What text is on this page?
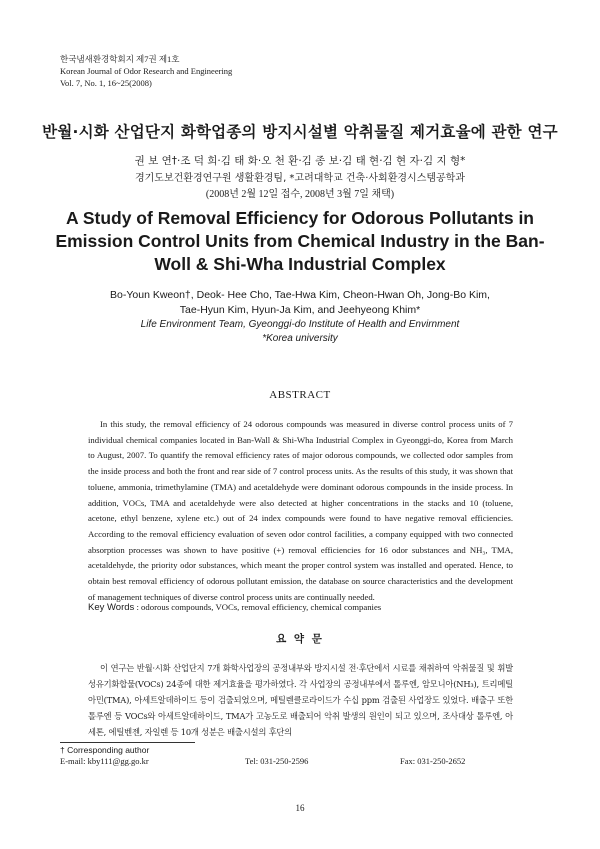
한국냄새환경학회지 제7권 제1호
Korean Journal of Odor Research and Engineering
Vol. 7, No. 1, 16~25(2008)
반월·시화 산업단지 화학업종의 방지시설별 악취물질 제거효율에 관한 연구
권 보 연†·조 덕 희·김 태 화·오 천 환·김 종 보·김 태 현·김 현 자·김 지 형*
경기도보건환경연구원 생활환경팀, *고려대학교 건축·사회환경시스템공학과
(2008년 2월 12일 접수, 2008년 3월 7일 채택)
A Study of Removal Efficiency for Odorous Pollutants in Emission Control Units from Chemical Industry in the Ban-Woll & Shi-Wha Industrial Complex
Bo-Youn Kweon†, Deok- Hee Cho, Tae-Hwa Kim, Cheon-Hwan Oh, Jong-Bo Kim,
Tae-Hyun Kim, Hyun-Ja Kim, and Jeehyeong Khim*
Life Environment Team, Gyeonggi-do Institute of Health and Envirnment
*Korea university
ABSTRACT

In this study, the removal efficiency of 24 odorous compounds was measured in diverse control process units of 7 individual chemical companies located in Ban-Wall & Shi-Wha Industrial Complex in Gyeonggi-do, Korea from March to August, 2007. To quantify the removal efficiency rates of major odorous compounds, we collected odor samples from the inside process and both the front and rear side of 7 control process units. As the results of this study, it was shown that toluene, ammonia, trimethylamine (TMA) and acetaldehyde were dominant odorous compounds in the inside process. In addition, VOCs, TMA and acetaldehyde were also detected at higher concentrations in the stacks and 10 (toluene, acetone, ethyl benzene, xylene etc.) out of 24 index compounds were found to have negative removal efficiencies. According to the removal efficiency evaluation of seven odor control facilities, a company equipped with two connected absorption processes was shown to have positive (+) removal efficiencies for 16 odor substances and NH₃, TMA, acetaldehyde, the priority odor substances, which meant the proper control system was installed and operated. Hence, to obtain best removal efficiency of odorous pollutant emission, the database on source characteristics and the development of management techniques of diverse control process units are continually needed.

Key Words : odorous compounds, VOCs, removal efficiency, chemical companies
요 약 문

이 연구는 반월·시화 산업단지 7개 화학사업장의 공정내부와 방지시설 전·후단에서 시료를 채취하여 악취물질 및 휘발성유기화합물(VOCs) 24종에 대한 제거효율을 평가하였다. 각 사업장의 공정내부에서 톨루엔, 암모니아(NH₃), 트리메틸아민(TMA), 아세트알데하이드 등이 검출되었으며, 메틸렌클로라이드가 수십 ppm 검출된 사업장도 있었다. 배출구 또한 톨루엔 등 VOCs와 아세트알데하이드, TMA가 고농도로 배출되어 악취 발생의 원인이 되고 있으며, 조사대상 톨루엔, 아세톤, 에틸벤젠, 자일렌 등 10개 성분은 배출시설의 후단의

† Corresponding author
E-mail: kby111@gg.go.kr	Tel: 031-250-2596	Fax: 031-250-2652
16
